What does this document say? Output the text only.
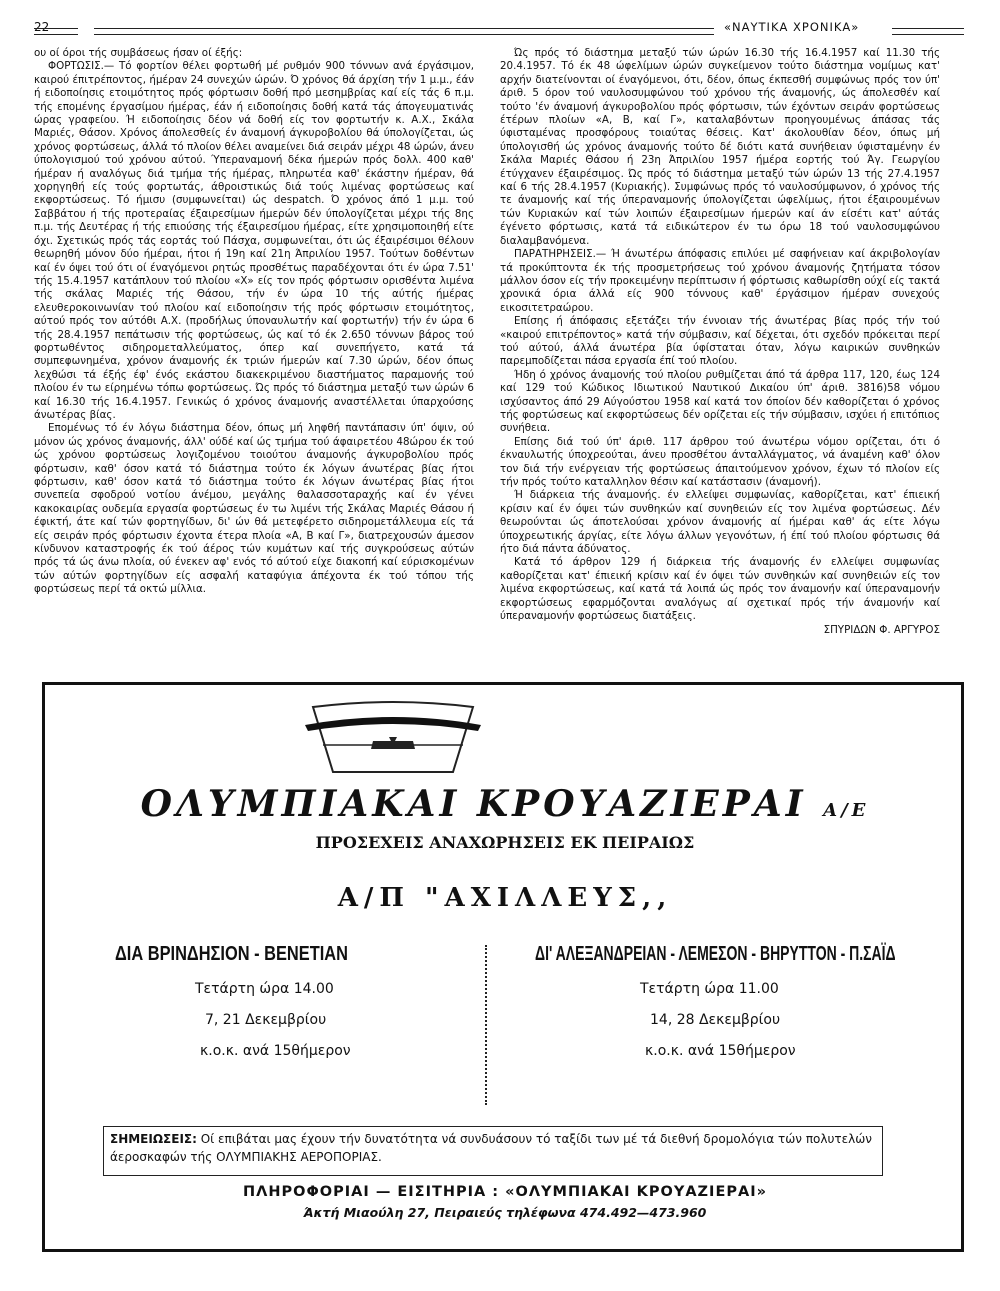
22	«ΝΑΥΤΙΚΑ ΧΡΟΝΙΚΑ»

ου οί όροι τής συμβάσεως ήσαν οί έξής:

ΦΟΡΤΩΣΙΣ.— Τό φορτίον θέλει φορτωθή μέ ρυθμόν 900 τόννων ανά έργάσιμον, καιρού έπιτρέποντος, ήμέραν 24 συνεχών ώρών. Ό χρόνος θά άρχίση τήν 1 μ.μ., έάν ή ειδοποίησις ετοιμότητος πρός φόρτωσιν δοθή πρό μεσημβρίας καί είς τάς 6 π.μ. τής επομένης έργασίμου ήμέρας, έάν ή ειδοποίησις δοθή κατά τάς άπογευματινάς ώρας γραφείου. Ή ειδοποίησις δέον νά δοθή είς τον φορτωτήν κ. Α.Χ., Σκάλα Μαριές, Θάσον. Χρόνος άπολεσθείς έν άναμονή άγκυροβολίου θά ύπολογίζεται, ώς χρόνος φορτώσεως, άλλά τό πλοίον θέλει αναμείνει διά σειράν μέχρι 48 ώρών, άνευ ύπολογισμού τού χρόνου αύτού. Ύπεραναμονή δέκα ήμερών πρός δολλ. 400 καθ' ήμέραν ή αναλόγως διά τμήμα τής ήμέρας, πληρωτέα καθ' έκάστην ήμέραν, θά χορηγηθή είς τούς φορτωτάς, άθροιστικώς διά τούς λιμένας φορτώσεως καί εκφορτώσεως. Τό ήμισυ (συμφωνείται) ώς despatch. Ό χρόνος άπό 1 μ.μ. τού Σαββάτου ή τής προτεραίας έξαιρεσίμων ήμερών δέν ύπολογίζεται μέχρι τής 8ης π.μ. τής Δευτέρας ή τής επιούσης τής έξαιρεσίμου ήμέρας, είτε χρησιμοποιηθή είτε όχι. Σχετικώς πρός τάς εορτάς τού Πάσχα, συμφωνείται, ότι ώς έξαιρέσιμοι θέλουν θεωρηθή μόνον δύο ήμέραι, ήτοι ή 19η καί 21η Άπριλίου 1957. Τούτων δοθέντων καί έν όψει τού ότι οί έναγόμενοι ρητώς προσθέτως παραδέχονται ότι έν ώρα 7.51' τής 15.4.1957 κατάπλουν τού πλοίου «Χ» είς τον πρός φόρτωσιν ορισθέντα λιμένα τής σκάλας Μαριές τής Θάσου, τήν έν ώρα 10 τής αύτής ήμέρας ελευθεροκοινωνίαν τού πλοίου καί ειδοποίησιν τής πρός φόρτωσιν ετοιμότητος, αύτού πρός τον αύτόθι Α.Χ. (προδήλως ύποναυλωτήν καί φορτωτήν) τήν έν ώρα 6 τής 28.4.1957 πεπάτωσιν τής φορτώσεως, ώς καί τό έκ 2.650 τόννων βάρος τού φορτωθέντος σιδηρομεταλλεύματος, όπερ καί συνεπήγετο, κατά τά συμπεφωνημένα, χρόνον άναμονής έκ τριών ήμερών καί 7.30 ώρών, δέον όπως λεχθώσι τά έξής έφ' ένός εκάστου διακεκριμένου διαστήματος παραμονής τού πλοίου έν τω είρημένω τόπω φορτώσεως. Ώς πρός τό διάστημα μεταξύ των ώρών 6 καί 16.30 τής 16.4.1957. Γενικώς ό χρόνος άναμονής αναστέλλεται ύπαρχούσης άνωτέρας βίας.

Επομένως τό έν λόγω διάστημα δέον, όπως μή ληφθή παντάπασιν ύπ' όψιν, ού μόνον ώς χρόνος άναμονής, άλλ' ούδέ καί ώς τμήμα τού άφαιρετέου 48ώρου έκ τού ώς χρόνου φορτώσεως λογιζομένου τοιούτου άναμονής άγκυροβολίου πρός φόρτωσιν, καθ' όσον κατά τό διάστημα τούτο έκ λόγων άνωτέρας βίας ήτοι φόρτωσιν, καθ' όσον κατά τό διάστημα τούτο έκ λόγων άνωτέρας βίας ήτοι συνεπεία σφοδρού νοτίου άνέμου, μεγάλης θαλασσοταραχής καί έν γένει κακοκαιρίας ουδεμία εργασία φορτώσεως έν τω λιμένι τής Σκάλας Μαριές Θάσου ή έφικτή, άτε καί τών φορτηγίδων, δι' ών θά μετεφέρετο σιδηρομετάλλευμα είς τά είς σειράν πρός φόρτωσιν έχοντα έτερα πλοία «Α, Β καί Γ», διατρεχουσών άμεσον κίνδυνον καταστροφής έκ τού άέρος τών κυμάτων καί τής συγκρούσεως αύτών πρός τά ώς άνω πλοία, ού ένεκεν αφ' ενός τό αύτού είχε διακοπή καί εύρισκομένων τών αύτών φορτηγίδων είς ασφαλή καταφύγια άπέχοντα έκ τού τόπου τής φορτώσεως περί τά οκτώ μίλλια.

Ώς πρός τό διάστημα μεταξύ τών ώρών 16.30 τής 16.4.1957 καί 11.30 τής 20.4.1957. Τό έκ 48 ώφελίμων ώρών συγκείμενον τούτο διάστημα νομίμως κατ' αρχήν διατείνονται οί έναγόμενοι, ότι, δέον, όπως έκπεσθή συμφώνως πρός τον ύπ' άριθ. 5 όρον τού ναυλοσυμφώνου τού χρόνου τής άναμονής, ώς άπολεσθέν καί τούτο 'έν άναμονή άγκυροβολίου πρός φόρτωσιν, τών έχόντων σειράν φορτώσεως έτέρων πλοίων «Α, Β, καί Γ», καταλαβόντων προηγουμένως άπάσας τάς ύφισταμένας προσφόρους τοιαύτας θέσεις. Κατ' άκολουθίαν δέον, όπως μή ύπολογισθή ώς χρόνος άναμονής τούτο δέ διότι κατά συνήθειαν ύφισταμένην έν Σκάλα Μαριές Θάσου ή 23η Άπριλίου 1957 ήμέρα εορτής τού Άγ. Γεωργίου έτύγχανεν έξαιρέσιμος. Ώς πρός τό διάστημα μεταξύ τών ώρών 13 τής 27.4.1957 καί 6 τής 28.4.1957 (Κυριακής). Συμφώνως πρός τό ναυλοσύμφωνον, ό χρόνος τής τε άναμονής καί τής ύπεραναμονής ύπολογίζεται ώφελίμως, ήτοι έξαιρουμένων τών Κυριακών καί τών λοιπών έξαιρεσίμων ήμερών καί άν είσέτι κατ' αύτάς έγένετο φόρτωσις, κατά τά ειδικώτερον έν τω όρω 18 τού ναυλοσυμφώνου διαλαμβανόμενα.

ΠΑΡΑΤΗΡΗΣΕΙΣ.— Ή άνωτέρω άπόφασις επιλύει μέ σαφήνειαν καί άκριβολογίαν τά προκύπτοντα έκ τής προσμετρήσεως τού χρόνου άναμονής ζητήματα τόσον μάλλον όσον είς τήν προκειμένην περίπτωσιν ή φόρτωσις καθωρίσθη ούχί είς τακτά χρονικά όρια άλλά είς 900 τόννους καθ' έργάσιμον ήμέραν συνεχούς εικοσιτετραώρου.

Επίσης ή άπόφασις εξετάζει τήν έννοιαν τής άνωτέρας βίας πρός τήν τού «καιρού επιτρέποντος» κατά τήν σύμβασιν, καί δέχεται, ότι σχεδόν πρόκειται περί τού αύτού, άλλά άνωτέρα βία ύφίσταται όταν, λόγω καιρικών συνθηκών παρεμποδίζεται πάσα εργασία έπί τού πλοίου.

Ήδη ό χρόνος άναμονής τού πλοίου ρυθμίζεται άπό τά άρθρα 117, 120, έως 124 καί 129 τού Κώδικος Ιδιωτικού Ναυτικού Δικαίου ύπ' άριθ. 3816)58 νόμου ισχύσαντος άπό 29 Αύγούστου 1958 καί κατά τον όποίον δέν καθορίζεται ό χρόνος τής φορτώσεως καί εκφορτώσεως δέν ορίζεται είς τήν σύμβασιν, ισχύει ή επιτόπιος συνήθεια.

Επίσης διά τού ύπ' άριθ. 117 άρθρου τού άνωτέρω νόμου ορίζεται, ότι ό έκναυλωτής ύποχρεούται, άνευ προσθέτου άνταλλάγματος, νά άναμένη καθ' όλον τον διά τήν ενέργειαν τής φορτώσεως άπαιτούμενον χρόνον, έχων τό πλοίον είς τήν πρός τούτο καταλληλον θέσιν καί κατάστασιν (άναμονή).

Ή διάρκεια τής άναμονής. έν ελλείψει συμφωνίας, καθορίζεται, κατ' έπιεική κρίσιν καί έν όψει τών συνθηκών καί συνηθειών είς τον λιμένα φορτώσεως. Δέν θεωρούνται ώς άποτελούσαι χρόνον άναμονής αί ήμέραι καθ' άς είτε λόγω ύποχρεωτικής άργίας, είτε λόγω άλλων γεγονότων, ή έπί τού πλοίου φόρτωσις θά ήτο διά πάντα άδύνατος.

Κατά τό άρθρον 129 ή διάρκεια τής άναμονής έν ελλείψει συμφωνίας καθορίζεται κατ' έπιεική κρίσιν καί έν όψει τών συνθηκών καί συνηθειών είς τον λιμένα εκφορτώσεως, καί κατά τά λοιπά ώς πρός τον άναμονήν καί ύπεραναμονήν εκφορτώσεως εφαρμόζονται αναλόγως αί σχετικαί πρός τήν άναμονήν καί ύπεραναμονήν φορτώσεως διατάξεις.

ΣΠΥΡΙΔΩΝ Φ. ΑΡΓΥΡΟΣ

ΟΛΥΜΠΙΑΚΑΙ ΚΡΟΥΑΖΙΕΡΑΙ Α/Ε
ΠΡΟΣΕΧΕΙΣ ΑΝΑΧΩΡΗΣΕΙΣ ΕΚ ΠΕΙΡΑΙΩΣ
Α/Π "ΑΧΙΛΛΕΥΣ,,
ΔΙΑ ΒΡΙΝΔΗΣΙΟΝ - ΒΕΝΕΤΙΑΝ
Τετάρτη ώρα 14.00
7, 21 Δεκεμβρίου
κ.ο.κ. ανά 15θήμερον
ΔΙ' ΑΛΕΞΑΝΔΡΕΙΑΝ - ΛΕΜΕΣΟΝ - ΒΗΡΥΤΤΟΝ - Π.ΣΑΪΔ
Τετάρτη ώρα 11.00
14, 28 Δεκεμβρίου
κ.ο.κ. ανά 15θήμερον
ΣΗΜΕΙΩΣΕΙΣ: Οί επιβάται μας έχουν τήν δυνατότητα νά συνδυάσουν τό ταξίδι των μέ τά διεθνή δρομολόγια τών πολυτελών άεροσκαφών τής ΟΛΥΜΠΙΑΚΗΣ ΑΕΡΟΠΟΡΙΑΣ.
ΠΛΗΡΟΦΟΡΙΑΙ — ΕΙΣΙΤΗΡΙΑ : «ΟΛΥΜΠΙΑΚΑΙ ΚΡΟΥΑΖΙΕΡΑΙ»
Άκτή Μιαούλη 27, Πειραιεύς τηλέφωνα 474.492—473.960
